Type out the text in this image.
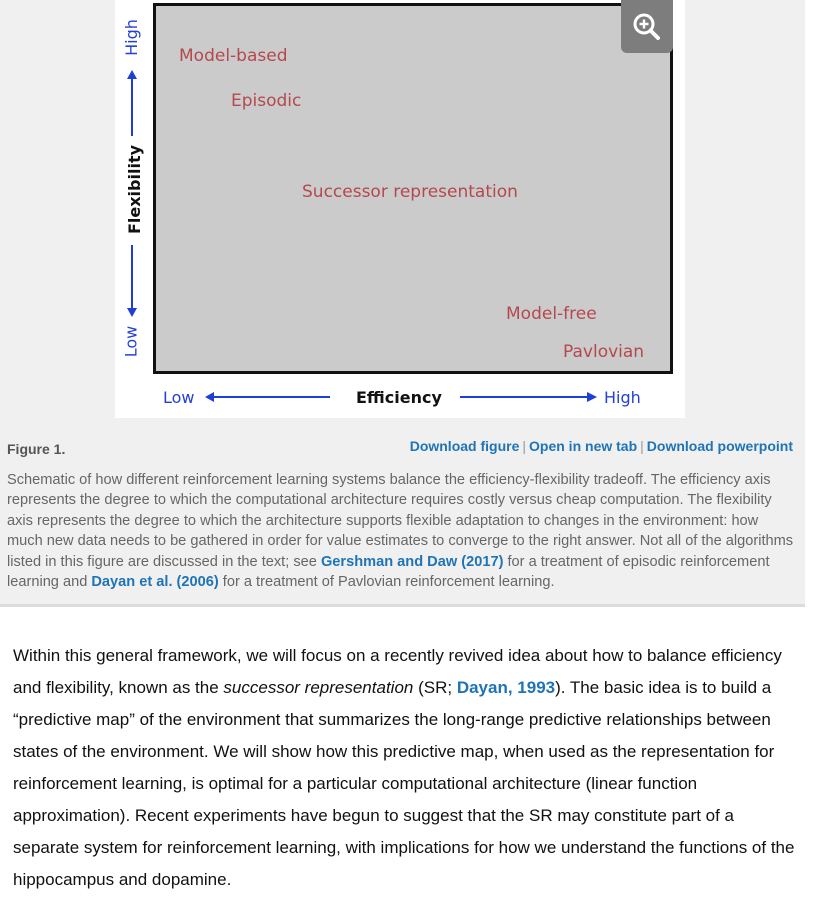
Model-based
Episodic
Successor representation
Model-free
Pavlovian
High
Flexibility
Low
Low	Efficiency	High
Figure 1.	Download figure | Open in new tab | Download powerpoint
Schematic of how different reinforcement learning systems balance the efficiency-flexibility tradeoff. The efficiency axis represents the degree to which the computational architecture requires costly versus cheap computation. The flexibility axis represents the degree to which the architecture supports flexible adaptation to changes in the environment: how much new data needs to be gathered in order for value estimates to converge to the right answer. Not all of the algorithms listed in this figure are discussed in the text; see Gershman and Daw (2017) for a treatment of episodic reinforcement learning and Dayan et al. (2006) for a treatment of Pavlovian reinforcement learning.
Within this general framework, we will focus on a recently revived idea about how to balance efficiency and flexibility, known as the successor representation (SR; Dayan, 1993). The basic idea is to build a “predictive map” of the environment that summarizes the long-range predictive relationships between states of the environment. We will show how this predictive map, when used as the representation for reinforcement learning, is optimal for a particular computational architecture (linear function approximation). Recent experiments have begun to suggest that the SR may constitute part of a separate system for reinforcement learning, with implications for how we understand the functions of the hippocampus and dopamine.
